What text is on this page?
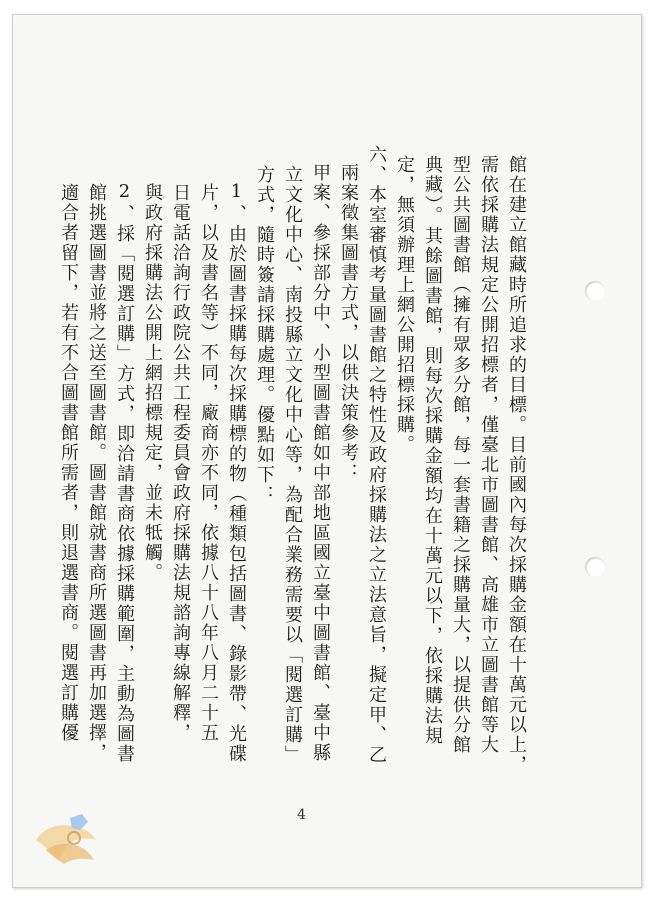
館在建立館藏時所追求的目標。目前國內每次採購金額在十萬元以上，
需依採購法規定公開招標者，僅臺北市圖書館、高雄市立圖書館等大
型公共圖書館（擁有眾多分館，每一套書籍之採購量大，以提供分館
典藏）。其餘圖書館，則每次採購金額均在十萬元以下，依採購法規
定，無須辦理上網公開招標採購。
六、本室審慎考量圖書館之特性及政府採購法之立法意旨，擬定甲、乙
兩案徵集圖書方式，以供決策參考：
甲案、參採部分中、小型圖書館如中部地區國立臺中圖書館、臺中縣
立文化中心、南投縣立文化中心等，為配合業務需要以「閱選訂購」
方式，隨時簽請採購處理。優點如下：
1、由於圖書採購每次採購標的物（種類包括圖書、錄影帶、光碟
片，以及書名等）不同，廠商亦不同，依據八十八年八月二十五
日電話洽詢行政院公共工程委員會政府採購法規諮詢專線解釋，
與政府採購法公開上網招標規定，並未牴觸。
2、採「閱選訂購」方式，即洽請書商依據採購範圍，主動為圖書
館挑選圖書並將之送至圖書館。圖書館就書商所選圖書再加選擇，
適合者留下，若有不合圖書館所需者，則退選書商。閱選訂購優
4
